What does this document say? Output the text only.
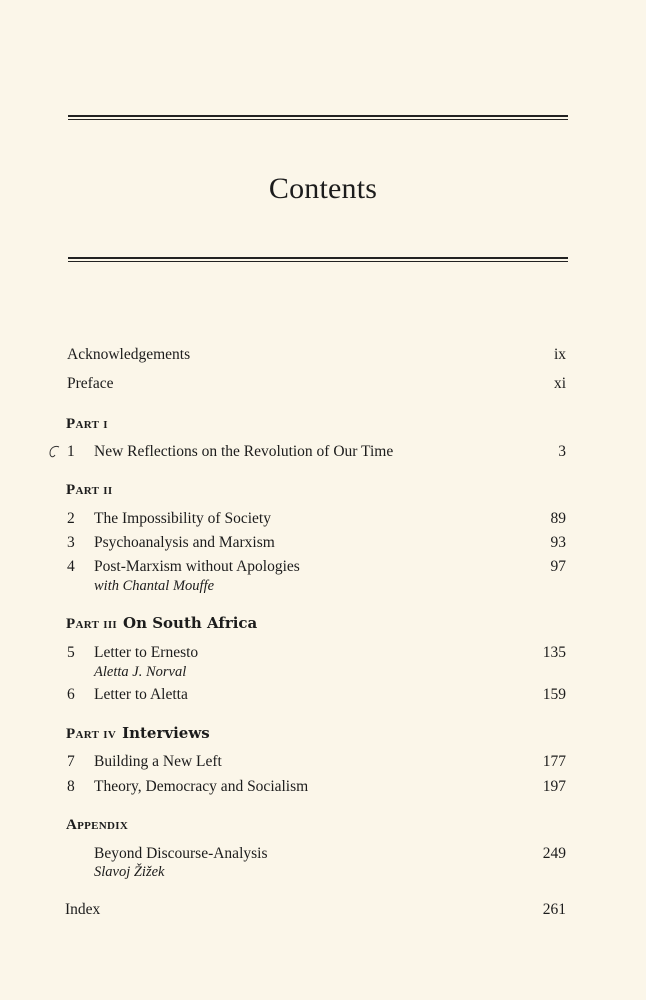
Contents
Acknowledgements	ix
Preface	xi
Part i
1 New Reflections on the Revolution of Our Time	3
Part ii
2 The Impossibility of Society	89
3 Psychoanalysis and Marxism	93
4 Post-Marxism without Apologies	97
with Chantal Mouffe
Part iii On South Africa
5 Letter to Ernesto	135
Aletta J. Norval
6 Letter to Aletta	159
Part iv Interviews
7 Building a New Left	177
8 Theory, Democracy and Socialism	197
Appendix
Beyond Discourse-Analysis	249
Slavoj Žižek
Index	261
